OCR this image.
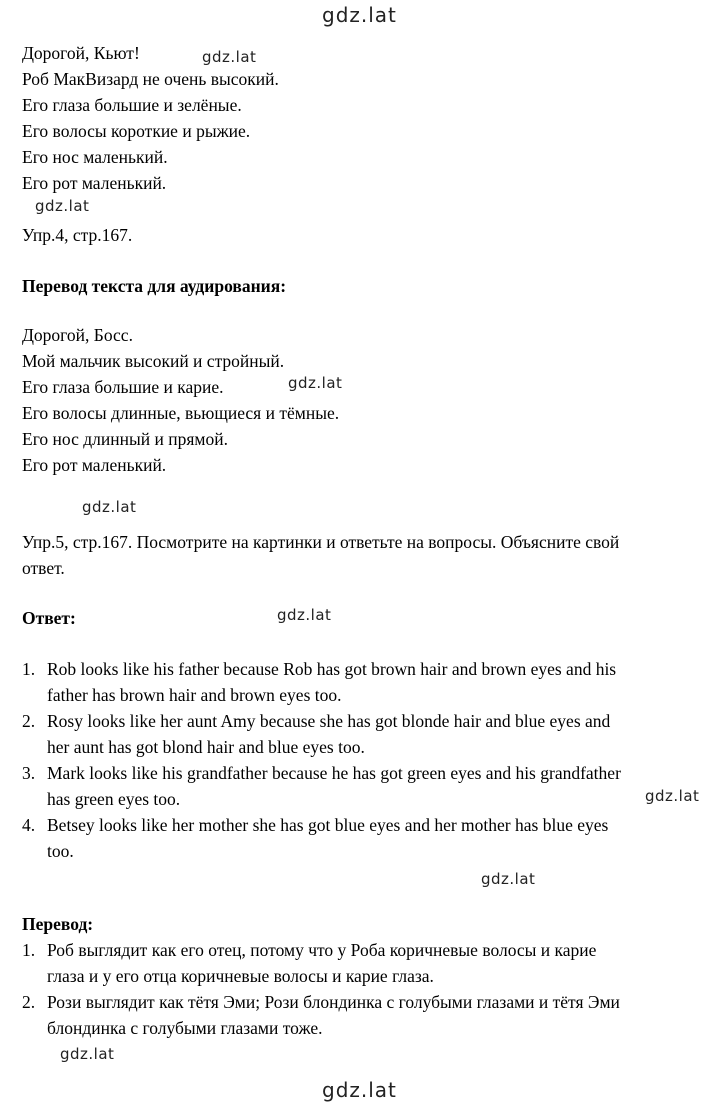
gdz.lat
gdz.lat
gdz.lat
gdz.lat
gdz.lat
gdz.lat
gdz.lat
gdz.lat
gdz.lat
gdz.lat
Дорогой, Кьют!
Роб МакВизард не очень высокий.
Его глаза большие и зелёные.
Его волосы короткие и рыжие.
Его нос маленький.
Его рот маленький.
Упр.4, стр.167.
Перевод текста для аудирования:
Дорогой, Босс.
Мой мальчик высокий и стройный.
Его глаза большие и карие.
Его волосы длинные, вьющиеся и тёмные.
Его нос длинный и прямой.
Его рот маленький.
Упр.5, стр.167. Посмотрите на картинки и ответьте на вопросы. Объясните свой
ответ.
Ответ:
1. Rob looks like his father because Rob has got brown hair and brown eyes and his
father has brown hair and brown eyes too.
2. Rosy looks like her aunt Amy because she has got blonde hair and blue eyes and
her aunt has got blond hair and blue eyes too.
3. Mark looks like his grandfather because he has got green eyes and his grandfather
has green eyes too.
4. Betsey looks like her mother she has got blue eyes and her mother has blue eyes
too.
Перевод:
1. Роб выглядит как его отец, потому что у Роба коричневые волосы и карие
глаза и у его отца коричневые волосы и карие глаза.
2. Рози выглядит как тётя Эми; Рози блондинка с голубыми глазами и тётя Эми
блондинка с голубыми глазами тоже.
